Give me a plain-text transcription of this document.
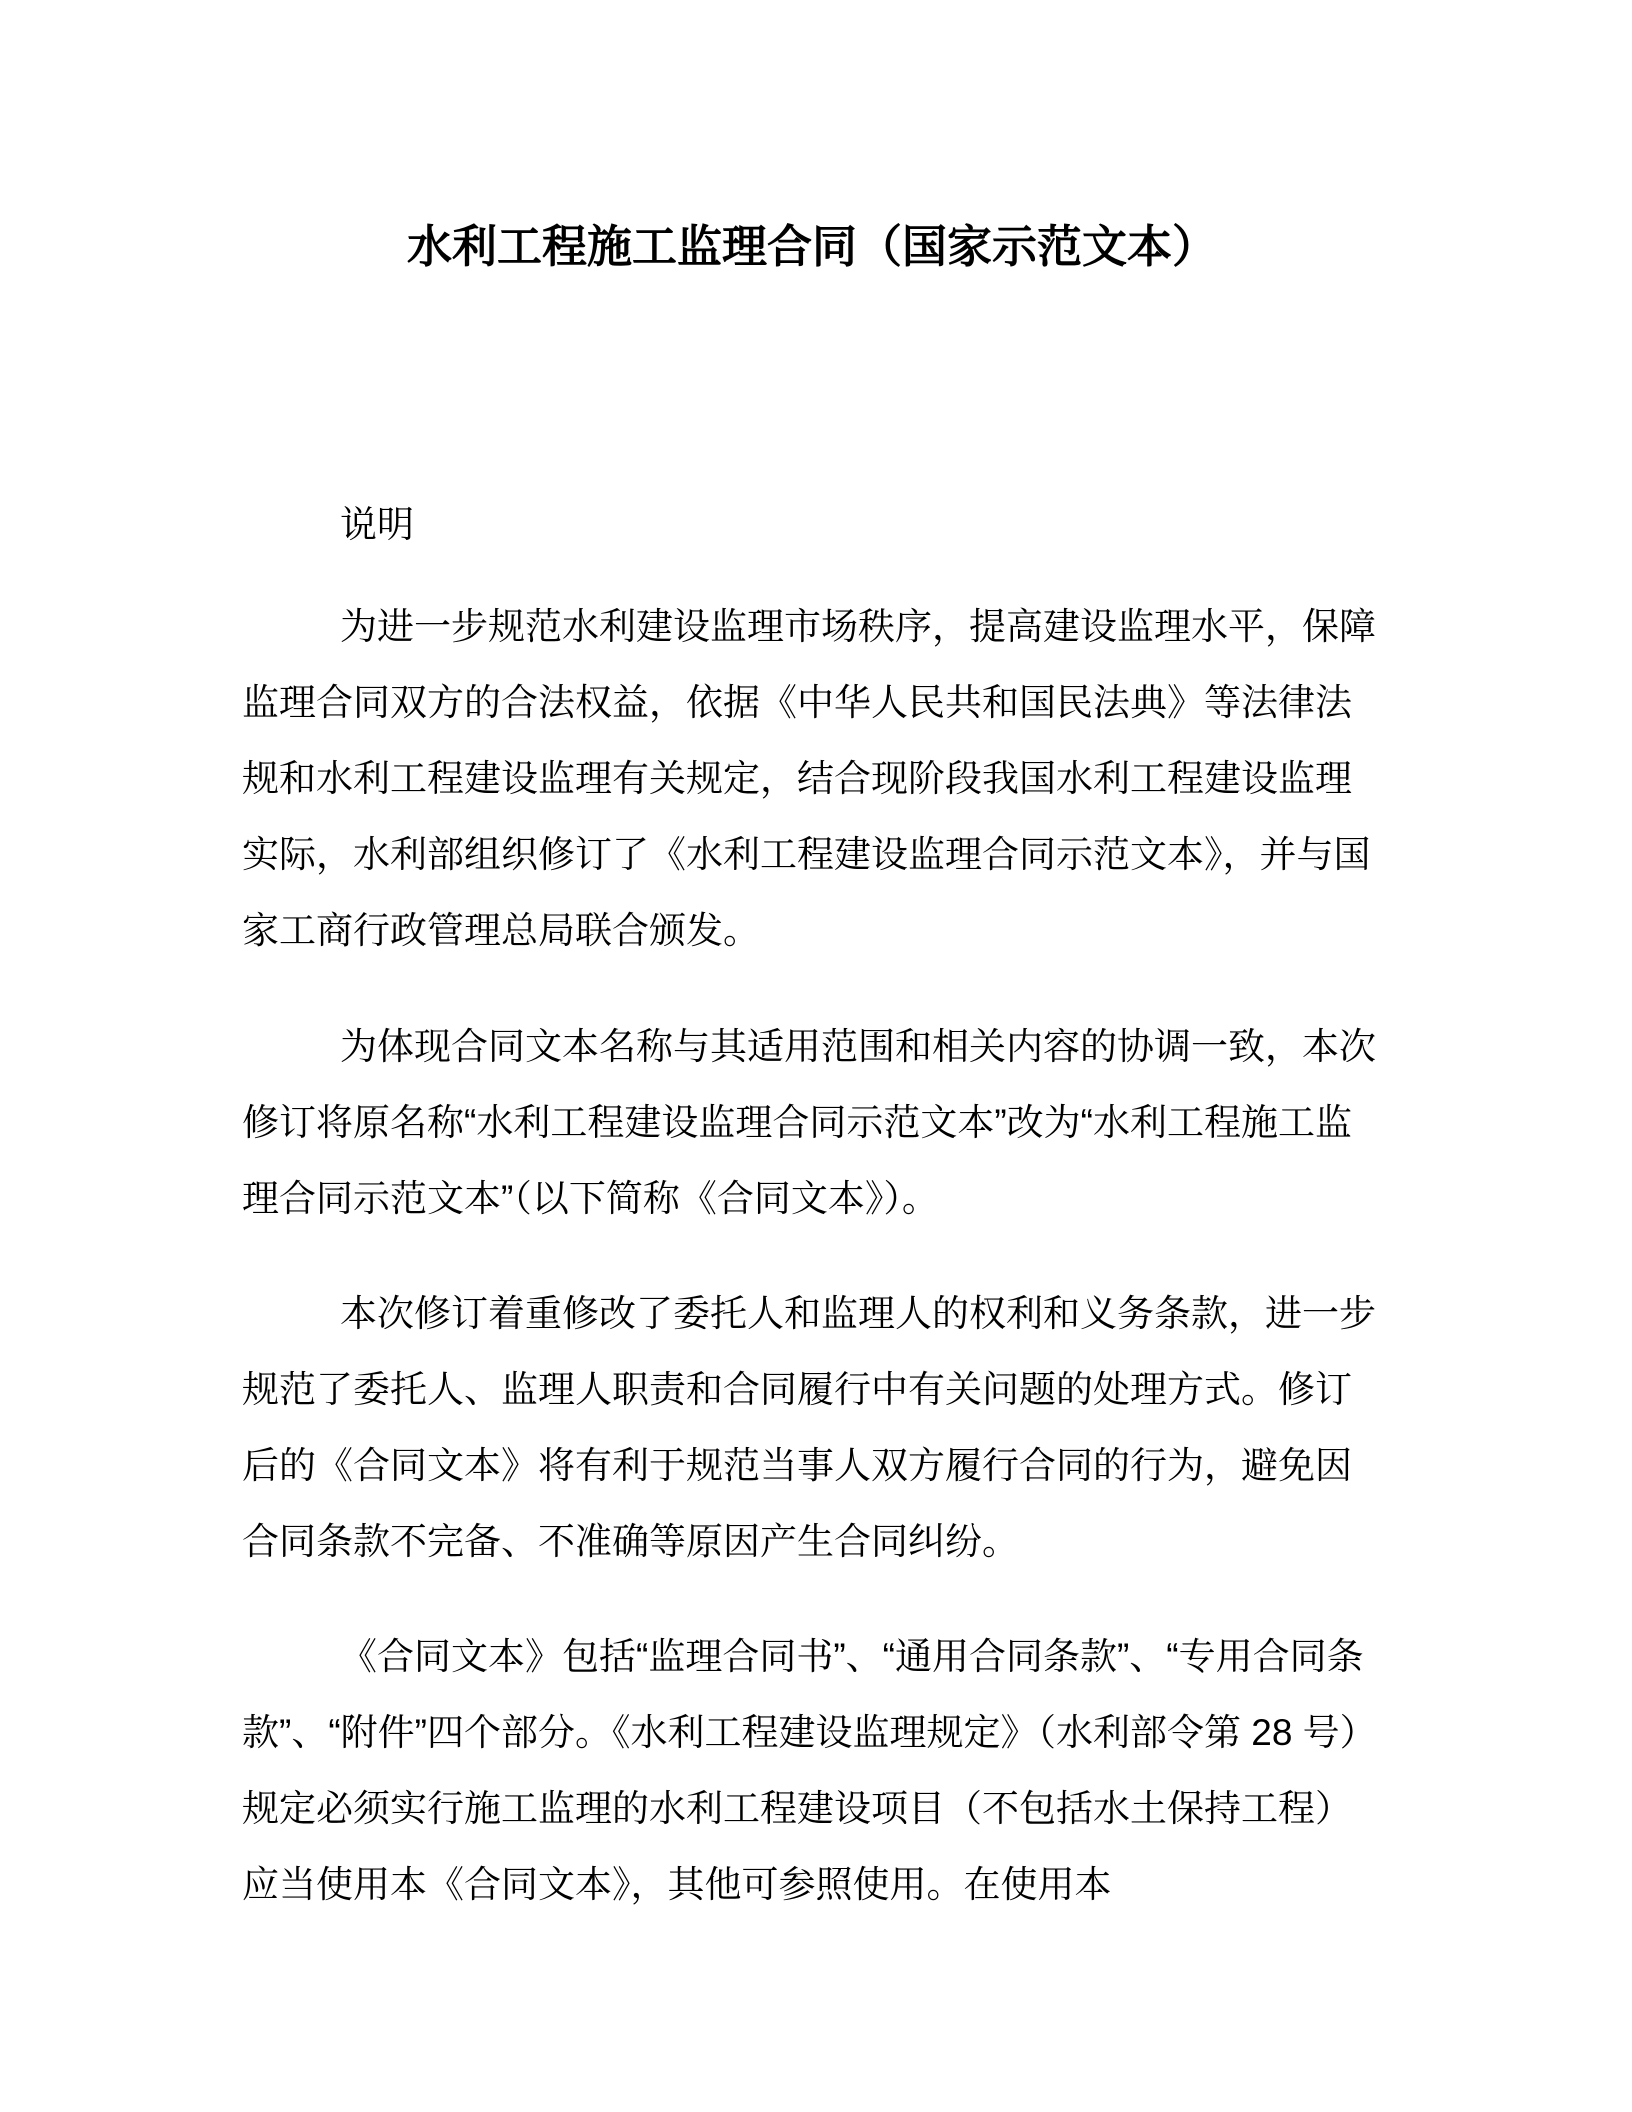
水利工程施工监理合同（国家示范文本）

说明

为进一步规范水利建设监理市场秩序，提高建设监理水平，保障监理合同双方的合法权益，依据《中华人民共和国民法典》等法律法规和水利工程建设监理有关规定，结合现阶段我国水利工程建设监理实际，水利部组织修订了《水利工程建设监理合同示范文本》，并与国家工商行政管理总局联合颁发。

为体现合同文本名称与其适用范围和相关内容的协调一致，本次修订将原名称“水利工程建设监理合同示范文本”改为“水利工程施工监理合同示范文本”（以下简称《合同文本》）。

本次修订着重修改了委托人和监理人的权利和义务条款，进一步规范了委托人、监理人职责和合同履行中有关问题的处理方式。修订后的《合同文本》将有利于规范当事人双方履行合同的行为，避免因合同条款不完备、不准确等原因产生合同纠纷。

《合同文本》包括“监理合同书”、“通用合同条款”、“专用合同条款”、“附件”四个部分。《水利工程建设监理规定》（水利部令第 28 号）规定必须实行施工监理的水利工程建设项目（不包括水土保持工程）应当使用本《合同文本》，其他可参照使用。在使用本
